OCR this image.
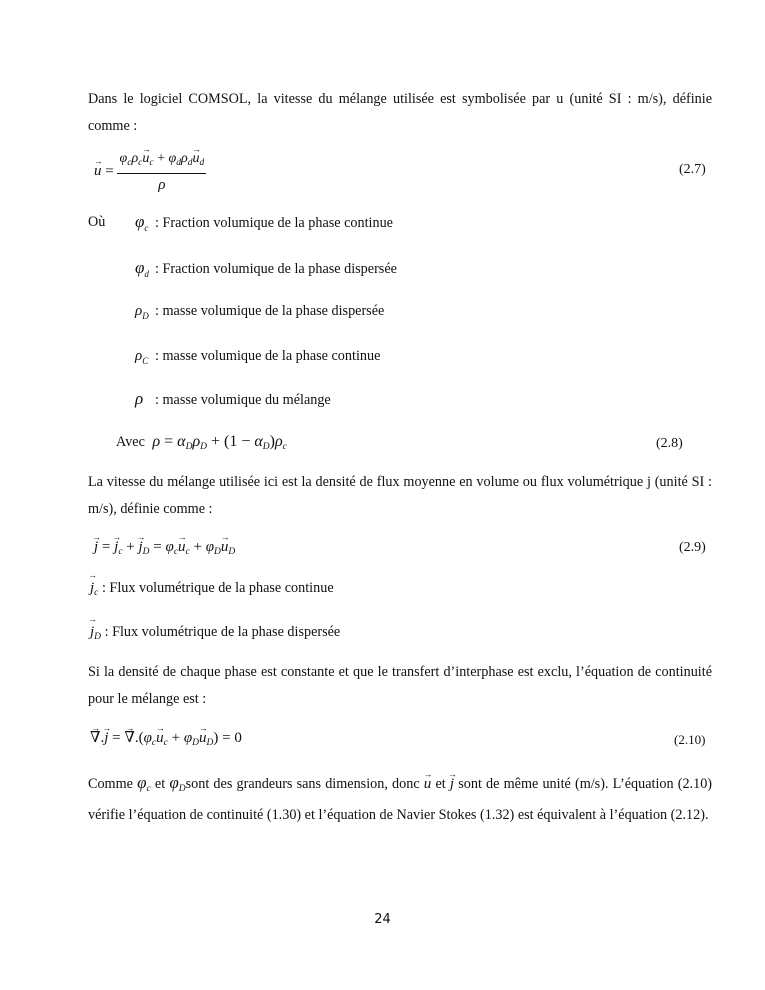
Dans le logiciel COMSOL, la vitesse du mélange utilisée est symbolisée par u (unité SI : m/s), définie comme :

→ $u = \frac{\varphi_c\rho_c\to u_c + \varphi_d\rho_d\to u_d}{\rho}$	(2.7)
Où $\varphi_c$ : Fraction volumique de la phase continue
$\varphi_d$ : Fraction volumique de la phase dispersée
$\rho_D$ : masse volumique de la phase dispersée
$\rho_C$ : masse volumique de la phase continue
ρ : masse volumique du mélange
Avec  $\rho = \alpha_D\rho_D + (1 - \alpha_D)\rho_c$	(2.8)

La vitesse du mélange utilisée ici est la densité de flux moyenne en volume ou flux volumétrique j (unité SI : m/s), définie comme :

→ j = → $j_c$ + → $j_D = \varphi_c\to u_c + \varphi_D\to u_D$	(2.9)
→ $j_c$ : Flux volumétrique de la phase continue
→ $j_D$ : Flux volumétrique de la phase dispersée

Si la densité de chaque phase est constante et que le transfert d’interphase est exclu, l’équation de continuité pour le mélange est :

→ ∇.→ j = → $\nabla.(\varphi_c\to u_c + \varphi_D\to u_D) = 0$	(2.10)

Comme $\varphi_c$ et $\varphi_Dsont$ des grandeurs sans dimension, donc → u et → j sont de même unité (m/s). L’équation (2.10) vérifie l’équation de continuité (1.30) et l’équation de Navier Stokes (1.32) est équivalent à l’équation (2.12).

24
